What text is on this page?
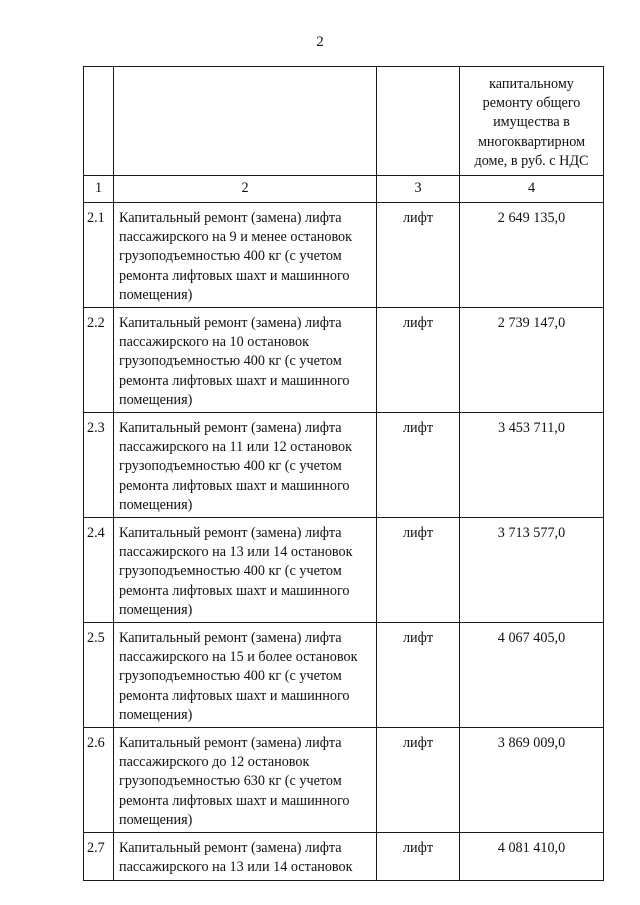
2
			капитальному ремонту общего имущества в многоквартирном доме, в руб. с НДС
1	2	3	4
2.1	Капитальный ремонт (замена) лифта пассажирского на 9 и менее остановок грузоподъемностью 400 кг (с учетом ремонта лифтовых шахт и машинного помещения)	лифт	2 649 135,0
2.2	Капитальный ремонт (замена) лифта пассажирского на 10 остановок грузоподъемностью 400 кг (с учетом ремонта лифтовых шахт и машинного помещения)	лифт	2 739 147,0
2.3	Капитальный ремонт (замена) лифта пассажирского на 11 или 12 остановок грузоподъемностью 400 кг (с учетом ремонта лифтовых шахт и машинного помещения)	лифт	3 453 711,0
2.4	Капитальный ремонт (замена) лифта пассажирского на 13 или 14 остановок грузоподъемностью 400 кг (с учетом ремонта лифтовых шахт и машинного помещения)	лифт	3 713 577,0
2.5	Капитальный ремонт (замена) лифта пассажирского на 15 и более остановок грузоподъемностью 400 кг (с учетом ремонта лифтовых шахт и машинного помещения)	лифт	4 067 405,0
2.6	Капитальный ремонт (замена) лифта пассажирского до 12 остановок грузоподъемностью 630 кг (с учетом ремонта лифтовых шахт и машинного помещения)	лифт	3 869 009,0
2.7	Капитальный ремонт (замена) лифта пассажирского на 13 или 14 остановок	лифт	4 081 410,0
